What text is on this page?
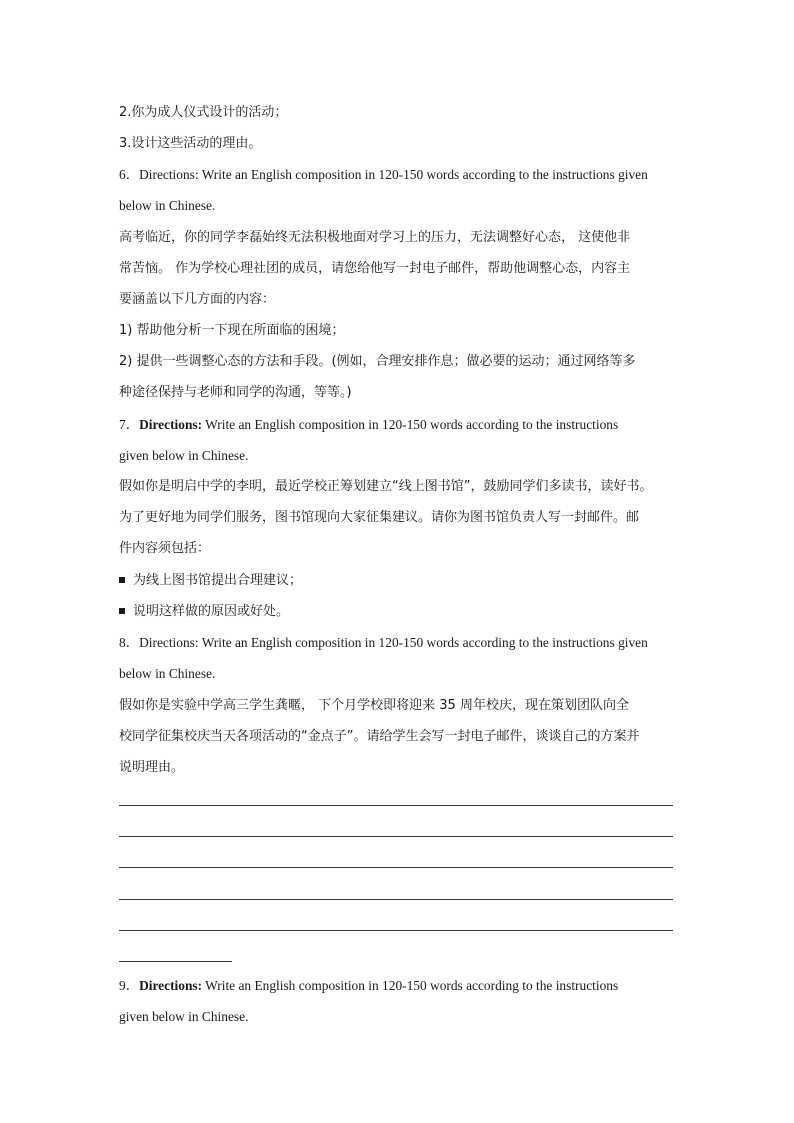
2.你为成人仪式设计的活动；
3.设计这些活动的理由。
6．Directions: Write an English composition in 120-150 words according to the instructions given
below in Chinese.
高考临近，你的同学李磊始终无法积极地面对学习上的压力，无法调整好心态， 这使他非
常苦恼。 作为学校心理社团的成员，请您给他写一封电子邮件，帮助他调整心态，内容主
要涵盖以下几方面的内容：
1) 帮助他分析一下现在所面临的困境；
2) 提供一些调整心态的方法和手段。(例如，合理安排作息；做必要的运动；通过网络等多
种途径保持与老师和同学的沟通，等等。)
7．Directions: Write an English composition in 120-150 words according to the instructions
given below in Chinese.
假如你是明启中学的李明，最近学校正筹划建立“线上图书馆”，鼓励同学们多读书，读好书。
为了更好地为同学们服务，图书馆现向大家征集建议。请你为图书馆负责人写一封邮件。邮
件内容须包括：
为线上图书馆提出合理建议；
说明这样做的原因或好处。
8．Directions: Write an English composition in 120-150 words according to the instructions given
below in Chinese.
假如你是实验中学高三学生龚暱， 下个月学校即将迎来 35 周年校庆，现在策划团队向全
校同学征集校庆当天各项活动的“金点子”。请给学生会写一封电子邮件，谈谈自己的方案并
说明理由。
9．Directions: Write an English composition in 120-150 words according to the instructions
given below in Chinese.
